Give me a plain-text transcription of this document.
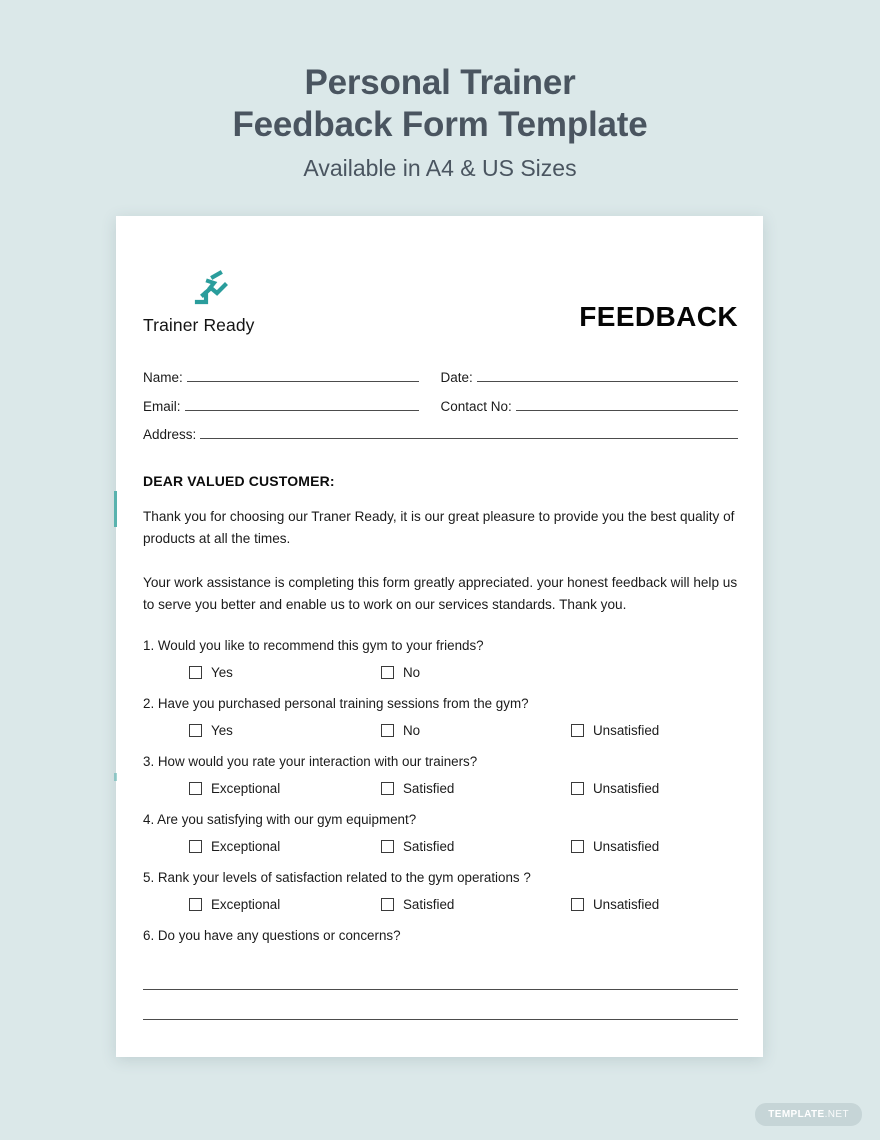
Personal Trainer
Feedback Form Template
Available in A4 & US Sizes
Trainer Ready	FEEDBACK
Name:	Date:
Email:	Contact No:
Address:
DEAR VALUED CUSTOMER:

Thank you for choosing our Traner Ready, it is our great pleasure to provide you the best quality of products at all the times.

Your work assistance is completing this form greatly appreciated. your honest feedback will help us to serve you better and enable us to work on our services standards. Thank you.

1. Would you like to recommend this gym to your friends?
Yes	No
2. Have you purchased personal training sessions from the gym?
Yes	No	Unsatisfied
3. How would you rate your interaction with our trainers?
Exceptional	Satisfied	Unsatisfied
4. Are you satisfying with our gym equipment?
Exceptional	Satisfied	Unsatisfied
5. Rank your levels of satisfaction related to the gym operations ?
Exceptional	Satisfied	Unsatisfied
6. Do you have any questions or concerns?
TEMPLATE.NET
